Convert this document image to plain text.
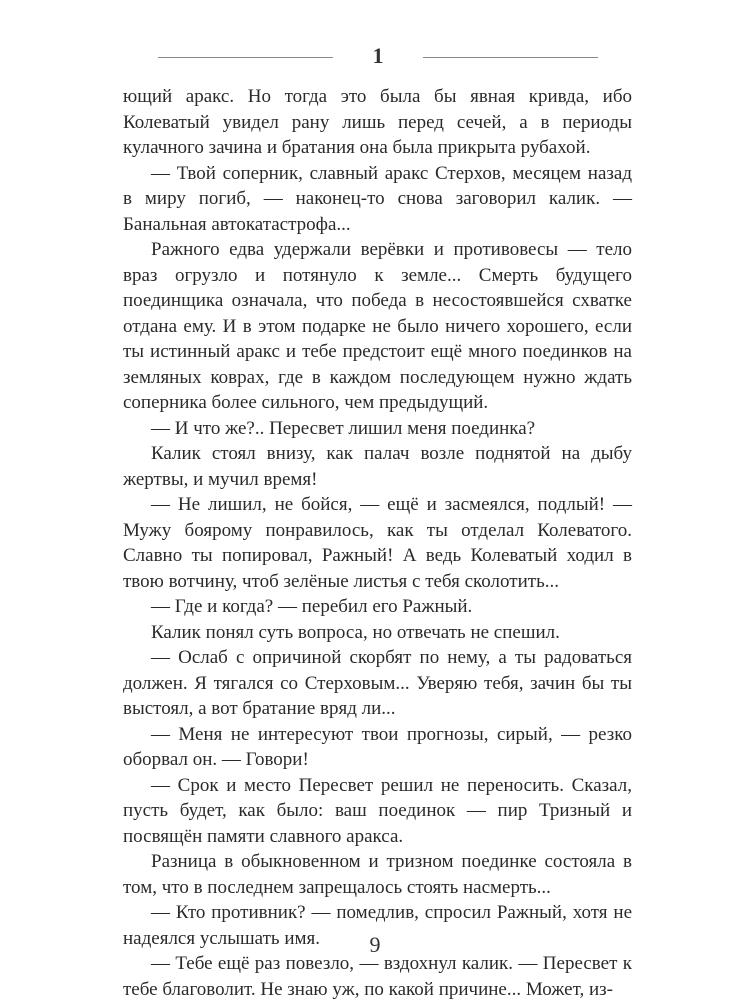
1

ющий аракс. Но тогда это была бы явная кривда, ибо Колеватый увидел рану лишь перед сечей, а в периоды кулачного зачина и братания она была прикрыта рубахой.

— Твой соперник, славный аракс Стерхов, месяцем назад в миру погиб, — наконец-то снова заговорил калик. — Банальная автокатастрофа...

Ражного едва удержали верёвки и противовесы — тело враз огрузло и потянуло к земле... Смерть будущего поединщика означала, что победа в несостоявшейся схватке отдана ему. И в этом подарке не было ничего хорошего, если ты истинный аракс и тебе предстоит ещё много поединков на земляных коврах, где в каждом последующем нужно ждать соперника более сильного, чем предыдущий.

— И что же?.. Пересвет лишил меня поединка?

Калик стоял внизу, как палач возле поднятой на дыбу жертвы, и мучил время!

— Не лишил, не бойся, — ещё и засмеялся, подлый! — Мужу боярому понравилось, как ты отделал Колеватого. Славно ты попировал, Ражный! А ведь Колеватый ходил в твою вотчину, чтоб зелёные листья с тебя сколотить...

— Где и когда? — перебил его Ражный.

Калик понял суть вопроса, но отвечать не спешил.

— Ослаб с опричиной скорбят по нему, а ты радоваться должен. Я тягался со Стерховым... Уверяю тебя, зачин бы ты выстоял, а вот братание вряд ли...

— Меня не интересуют твои прогнозы, сирый, — резко оборвал он. — Говори!

— Срок и место Пересвет решил не переносить. Сказал, пусть будет, как было: ваш поединок — пир Тризный и посвящён памяти славного аракса.

Разница в обыкновенном и тризном поединке состояла в том, что в последнем запрещалось стоять насмерть...

— Кто противник? — помедлив, спросил Ражный, хотя не надеялся услышать имя.

— Тебе ещё раз повезло, — вздохнул калик. — Пересвет к тебе благоволит. Не знаю уж, по какой причине... Может, из-

9
